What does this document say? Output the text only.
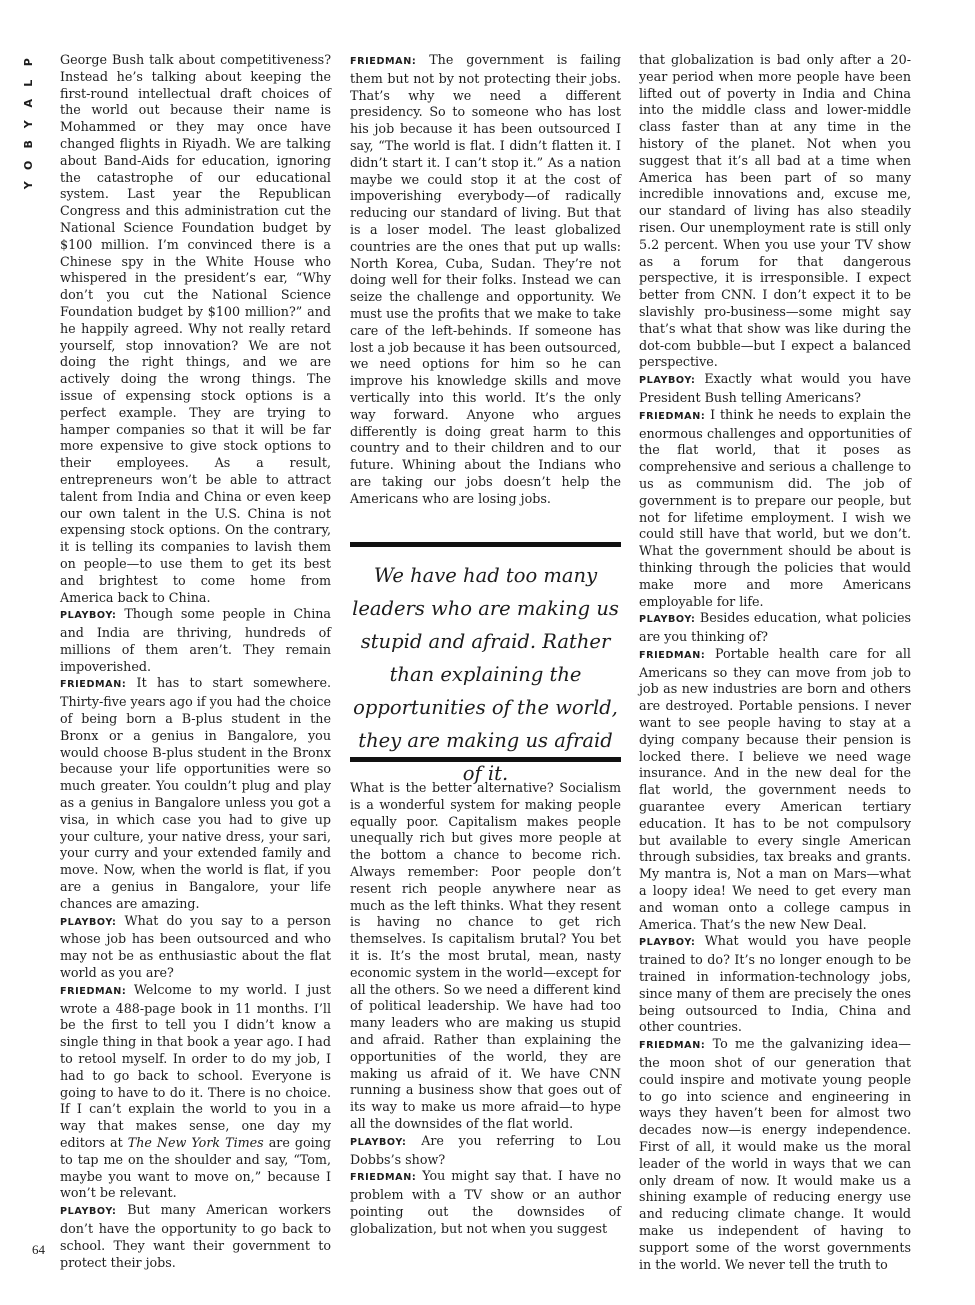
P
L
A
Y
B
O
Y
64

George Bush talk about competitiveness? Instead he’s talking about keeping the first-round intellectual draft choices of the world out because their name is Mohammed or they may once have changed flights in Riyadh. We are talking about Band-Aids for education, ignoring the catastrophe of our educational system. Last year the Republican Congress and this administration cut the National Science Foundation budget by $100 million. I’m convinced there is a Chinese spy in the White House who whispered in the president’s ear, “Why don’t you cut the National Science Foundation budget by $100 million?” and he happily agreed. Why not really retard yourself, stop innovation? We are not doing the right things, and we are actively doing the wrong things. The issue of expensing stock options is a perfect example. They are trying to hamper companies so that it will be far more expensive to give stock options to their employees. As a result, entrepreneurs won’t be able to attract talent from India and China or even keep our own talent in the U.S. China is not expensing stock options. On the contrary, it is telling its companies to lavish them on people—to use them to get its best and brightest to come home from America back to China.

PLAYBOY: Though some people in China and India are thriving, hundreds of millions of them aren’t. They remain impoverished.

FRIEDMAN: It has to start somewhere. Thirty-five years ago if you had the choice of being born a B-plus student in the Bronx or a genius in Bangalore, you would choose B-plus student in the Bronx because your life opportunities were so much greater. You couldn’t plug and play as a genius in Bangalore unless you got a visa, in which case you had to give up your culture, your native dress, your sari, your curry and your extended family and move. Now, when the world is flat, if you are a genius in Bangalore, your life chances are amazing.

PLAYBOY: What do you say to a person whose job has been outsourced and who may not be as enthusiastic about the flat world as you are?

FRIEDMAN: Welcome to my world. I just wrote a 488-page book in 11 months. I’ll be the first to tell you I didn’t know a single thing in that book a year ago. I had to retool myself. In order to do my job, I had to go back to school. Everyone is going to have to do it. There is no choice. If I can’t explain the world to you in a way that makes sense, one day my editors at The New York Times are going to tap me on the shoulder and say, “Tom, maybe you want to move on,” because I won’t be relevant.

PLAYBOY: But many American workers don’t have the opportunity to go back to school. They want their government to protect their jobs.

FRIEDMAN: The government is failing them but not by not protecting their jobs. That’s why we need a different presidency. So to someone who has lost his job because it has been outsourced I say, “The world is flat. I didn’t flatten it. I didn’t start it. I can’t stop it.” As a nation maybe we could stop it at the cost of impoverishing everybody—of radically reducing our standard of living. But that is a loser model. The least globalized countries are the ones that put up walls: North Korea, Cuba, Sudan. They’re not doing well for their folks. Instead we can seize the challenge and opportunity. We must use the profits that we make to take care of the left-behinds. If someone has lost a job because it has been outsourced, we need options for him so he can improve his knowledge skills and move vertically into this world. It’s the only way forward. Anyone who argues differently is doing great harm to this country and to their children and to our future. Whining about the Indians who are taking our jobs doesn’t help the Americans who are losing jobs.

We have had too many leaders who are making us stupid and afraid. Rather than explaining the opportunities of the world, they are making us afraid of it.

What is the better alternative? Socialism is a wonderful system for making people equally poor. Capitalism makes people unequally rich but gives more people at the bottom a chance to become rich. Always remember: Poor people don’t resent rich people anywhere near as much as the left thinks. What they resent is having no chance to get rich themselves. Is capitalism brutal? You bet it is. It’s the most brutal, mean, nasty economic system in the world—except for all the others. So we need a different kind of political leadership. We have had too many leaders who are making us stupid and afraid. Rather than explaining the opportunities of the world, they are making us afraid of it. We have CNN running a business show that goes out of its way to make us more afraid—to hype all the downsides of the flat world.

PLAYBOY: Are you referring to Lou Dobbs’s show?

FRIEDMAN: You might say that. I have no problem with a TV show or an author pointing out the downsides of globalization, but not when you suggest

that globalization is bad only after a 20-year period when more people have been lifted out of poverty in India and China into the middle class and lower-middle class faster than at any time in the history of the planet. Not when you suggest that it’s all bad at a time when America has been part of so many incredible innovations and, excuse me, our standard of living has also steadily risen. Our unemployment rate is still only 5.2 percent. When you use your TV show as a forum for that dangerous perspective, it is irresponsible. I expect better from CNN. I don’t expect it to be slavishly pro-business—some might say that’s what that show was like during the dot-com bubble—but I expect a balanced perspective.

PLAYBOY: Exactly what would you have President Bush telling Americans?

FRIEDMAN: I think he needs to explain the enormous challenges and opportunities of the flat world, that it poses as comprehensive and serious a challenge to us as communism did. The job of government is to prepare our people, but not for lifetime employment. I wish we could still have that world, but we don’t. What the government should be about is thinking through the policies that would make more and more Americans employable for life.

PLAYBOY: Besides education, what policies are you thinking of?

FRIEDMAN: Portable health care for all Americans so they can move from job to job as new industries are born and others are destroyed. Portable pensions. I never want to see people having to stay at a dying company because their pension is locked there. I believe we need wage insurance. And in the new deal for the flat world, the government needs to guarantee every American tertiary education. It has to be not compulsory but available to every single American through subsidies, tax breaks and grants. My mantra is, Not a man on Mars—what a loopy idea! We need to get every man and woman onto a college campus in America. That’s the new New Deal.

PLAYBOY: What would you have people trained to do? It’s no longer enough to be trained in information-technology jobs, since many of them are precisely the ones being outsourced to India, China and other countries.

FRIEDMAN: To me the galvanizing idea—the moon shot of our generation that could inspire and motivate young people to go into science and engineering in ways they haven’t been for almost two decades now—is energy independence. First of all, it would make us the moral leader of the world in ways that we can only dream of now. It would make us a shining example of reducing energy use and reducing climate change. It would make us independent of having to support some of the worst governments in the world. We never tell the truth to
